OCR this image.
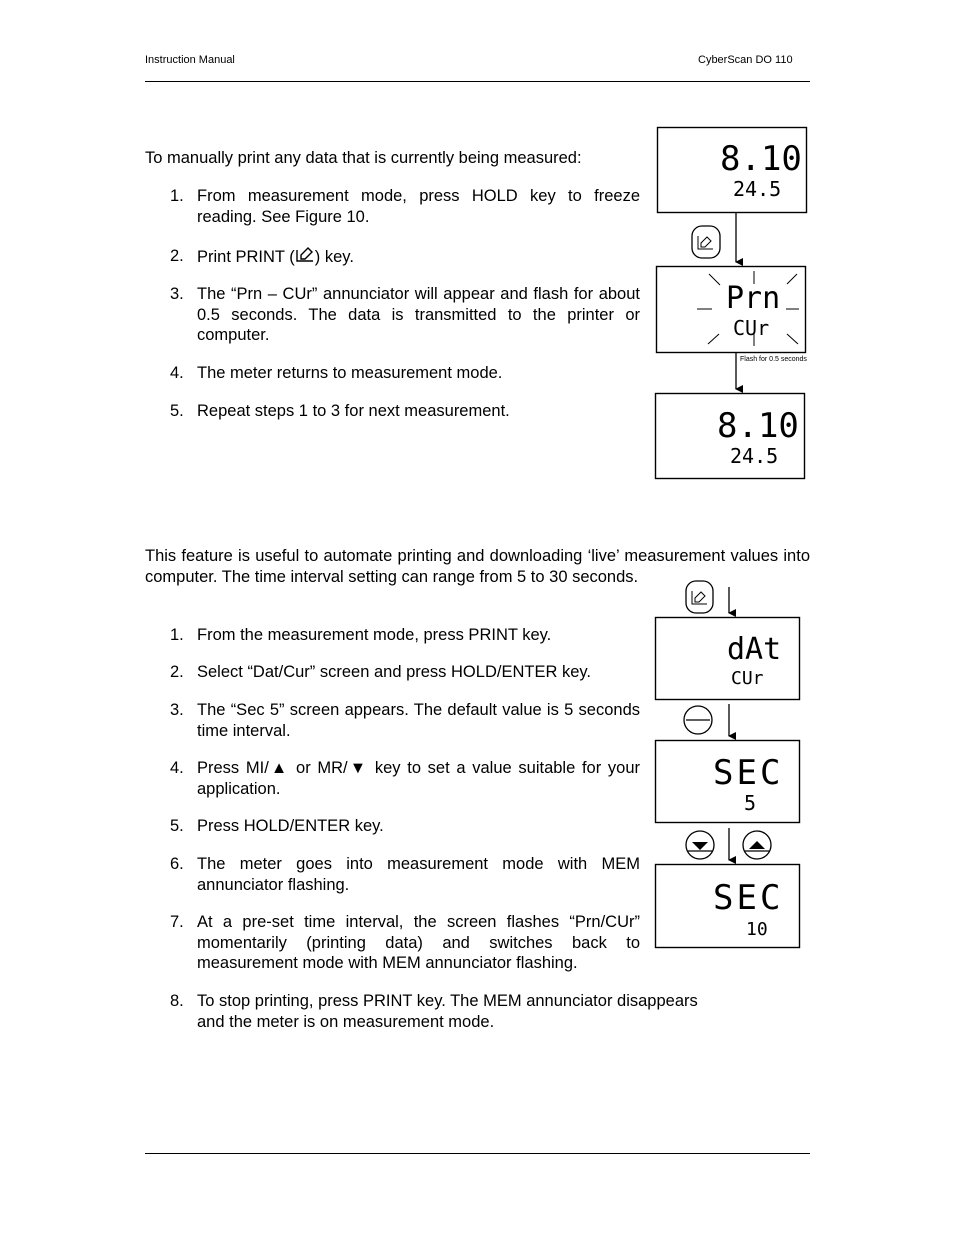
Instruction Manual	CyberScan DO 110
To manually print any data that is currently being measured:
1. From measurement mode, press HOLD key to freeze reading. See Figure 10.
2. Print PRINT ( ) key.
3. The “Prn – CUr” annunciator will appear and flash for about 0.5 seconds. The data is transmitted to the printer or computer.
4. The meter returns to measurement mode.
5. Repeat steps 1 to 3 for next measurement.
This feature is useful to automate printing and downloading ‘live’ measurement values into
computer. The time interval setting can range from 5 to 30 seconds.
1. From the measurement mode, press PRINT key.
2. Select “Dat/Cur” screen and press HOLD/ENTER key.
3. The “Sec 5” screen appears. The default value is 5 seconds time interval.
4. Press MI/▲ or MR/▼ key to set a value suitable for your application.
5. Press HOLD/ENTER key.
6. The meter goes into measurement mode with MEM annunciator flashing.
7. At a pre-set time interval, the screen flashes “Prn/CUr” momentarily (printing data) and switches back to measurement mode with MEM annunciator flashing.
8. To stop printing, press PRINT key. The MEM annunciator disappears and the meter is on measurement mode.
8.10
24.5
Prn
CUr
Flash for 0.5 seconds
8.10
24.5
dAt
CUr
SEC
5
SEC
10
